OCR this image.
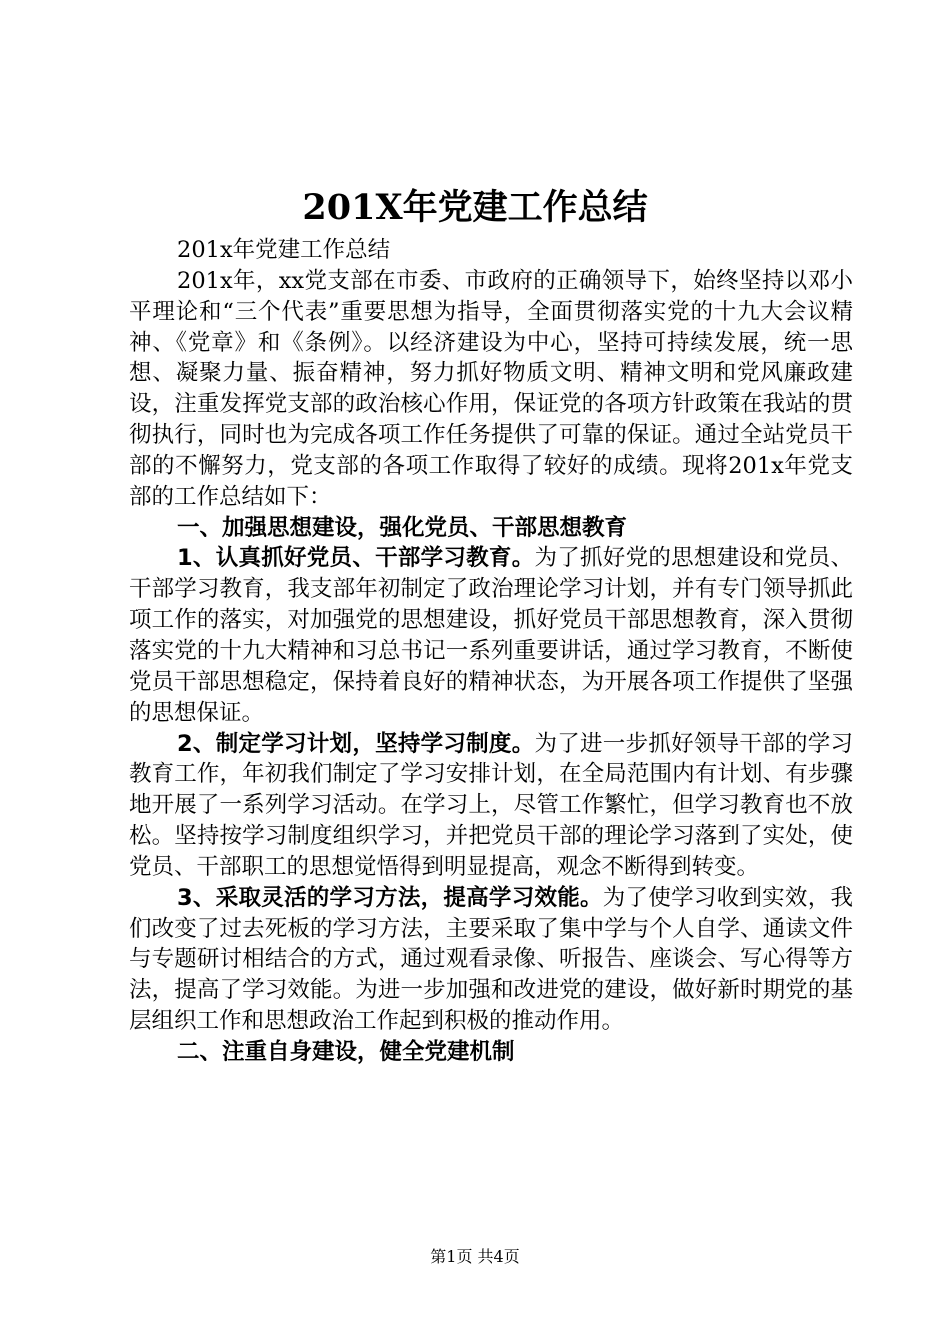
201X年党建工作总结

201x年党建工作总结

201x年，xx党支部在市委、市政府的正确领导下，始终坚持以邓小平理论和“三个代表”重要思想为指导，全面贯彻落实党的十九大会议精神、《党章》和《条例》。以经济建设为中心，坚持可持续发展，统一思想、凝聚力量、振奋精神，努力抓好物质文明、精神文明和党风廉政建设，注重发挥党支部的政治核心作用，保证党的各项方针政策在我站的贯彻执行，同时也为完成各项工作任务提供了可靠的保证。通过全站党员干部的不懈努力，党支部的各项工作取得了较好的成绩。现将201x年党支部的工作总结如下：

一、加强思想建设，强化党员、干部思想教育

1、认真抓好党员、干部学习教育。为了抓好党的思想建设和党员、干部学习教育，我支部年初制定了政治理论学习计划，并有专门领导抓此项工作的落实，对加强党的思想建设，抓好党员干部思想教育，深入贯彻落实党的十九大精神和习总书记一系列重要讲话，通过学习教育，不断使党员干部思想稳定，保持着良好的精神状态，为开展各项工作提供了坚强的思想保证。

2、制定学习计划，坚持学习制度。为了进一步抓好领导干部的学习教育工作，年初我们制定了学习安排计划，在全局范围内有计划、有步骤地开展了一系列学习活动。在学习上，尽管工作繁忙，但学习教育也不放松。坚持按学习制度组织学习，并把党员干部的理论学习落到了实处，使党员、干部职工的思想觉悟得到明显提高，观念不断得到转变。

3、采取灵活的学习方法，提高学习效能。为了使学习收到实效，我们改变了过去死板的学习方法，主要采取了集中学与个人自学、通读文件与专题研讨相结合的方式，通过观看录像、听报告、座谈会、写心得等方法，提高了学习效能。为进一步加强和改进党的建设，做好新时期党的基层组织工作和思想政治工作起到积极的推动作用。

二、注重自身建设，健全党建机制

第1页 共4页
